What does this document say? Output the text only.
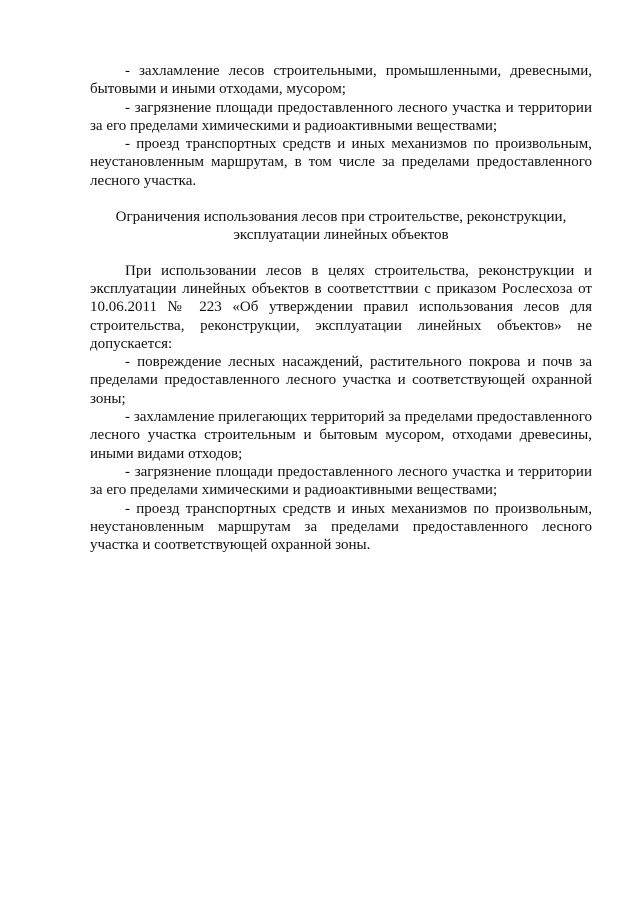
- захламление лесов строительными, промышленными, древесными, бытовыми и иными отходами, мусором;

- загрязнение площади предоставленного лесного участка и территории за его пределами химическими и радиоактивными веществами;

- проезд транспортных средств и иных механизмов по произвольным, неустановленным маршрутам, в том числе за пределами предоставленного лесного участка.

Ограничения использования лесов при строительстве, реконструкции,
эксплуатации линейных объектов

При использовании лесов в целях строительства, реконструкции и эксплуатации линейных объектов в соответсттвии с приказом Рослесхоза от 10.06.2011 № 223 «Об утверждении правил использования лесов для строительства, реконструкции, эксплуатации линейных объектов» не допускается:

- повреждение лесных насаждений, растительного покрова и почв за пределами предоставленного лесного участка и соответствующей охранной зоны;

- захламление прилегающих территорий за пределами предоставленного лесного участка строительным и бытовым мусором, отходами древесины, иными видами отходов;

- загрязнение площади предоставленного лесного участка и территории за его пределами химическими и радиоактивными веществами;

- проезд транспортных средств и иных механизмов по произвольным, неустановленным маршрутам за пределами предоставленного лесного участка и соответствующей охранной зоны.
